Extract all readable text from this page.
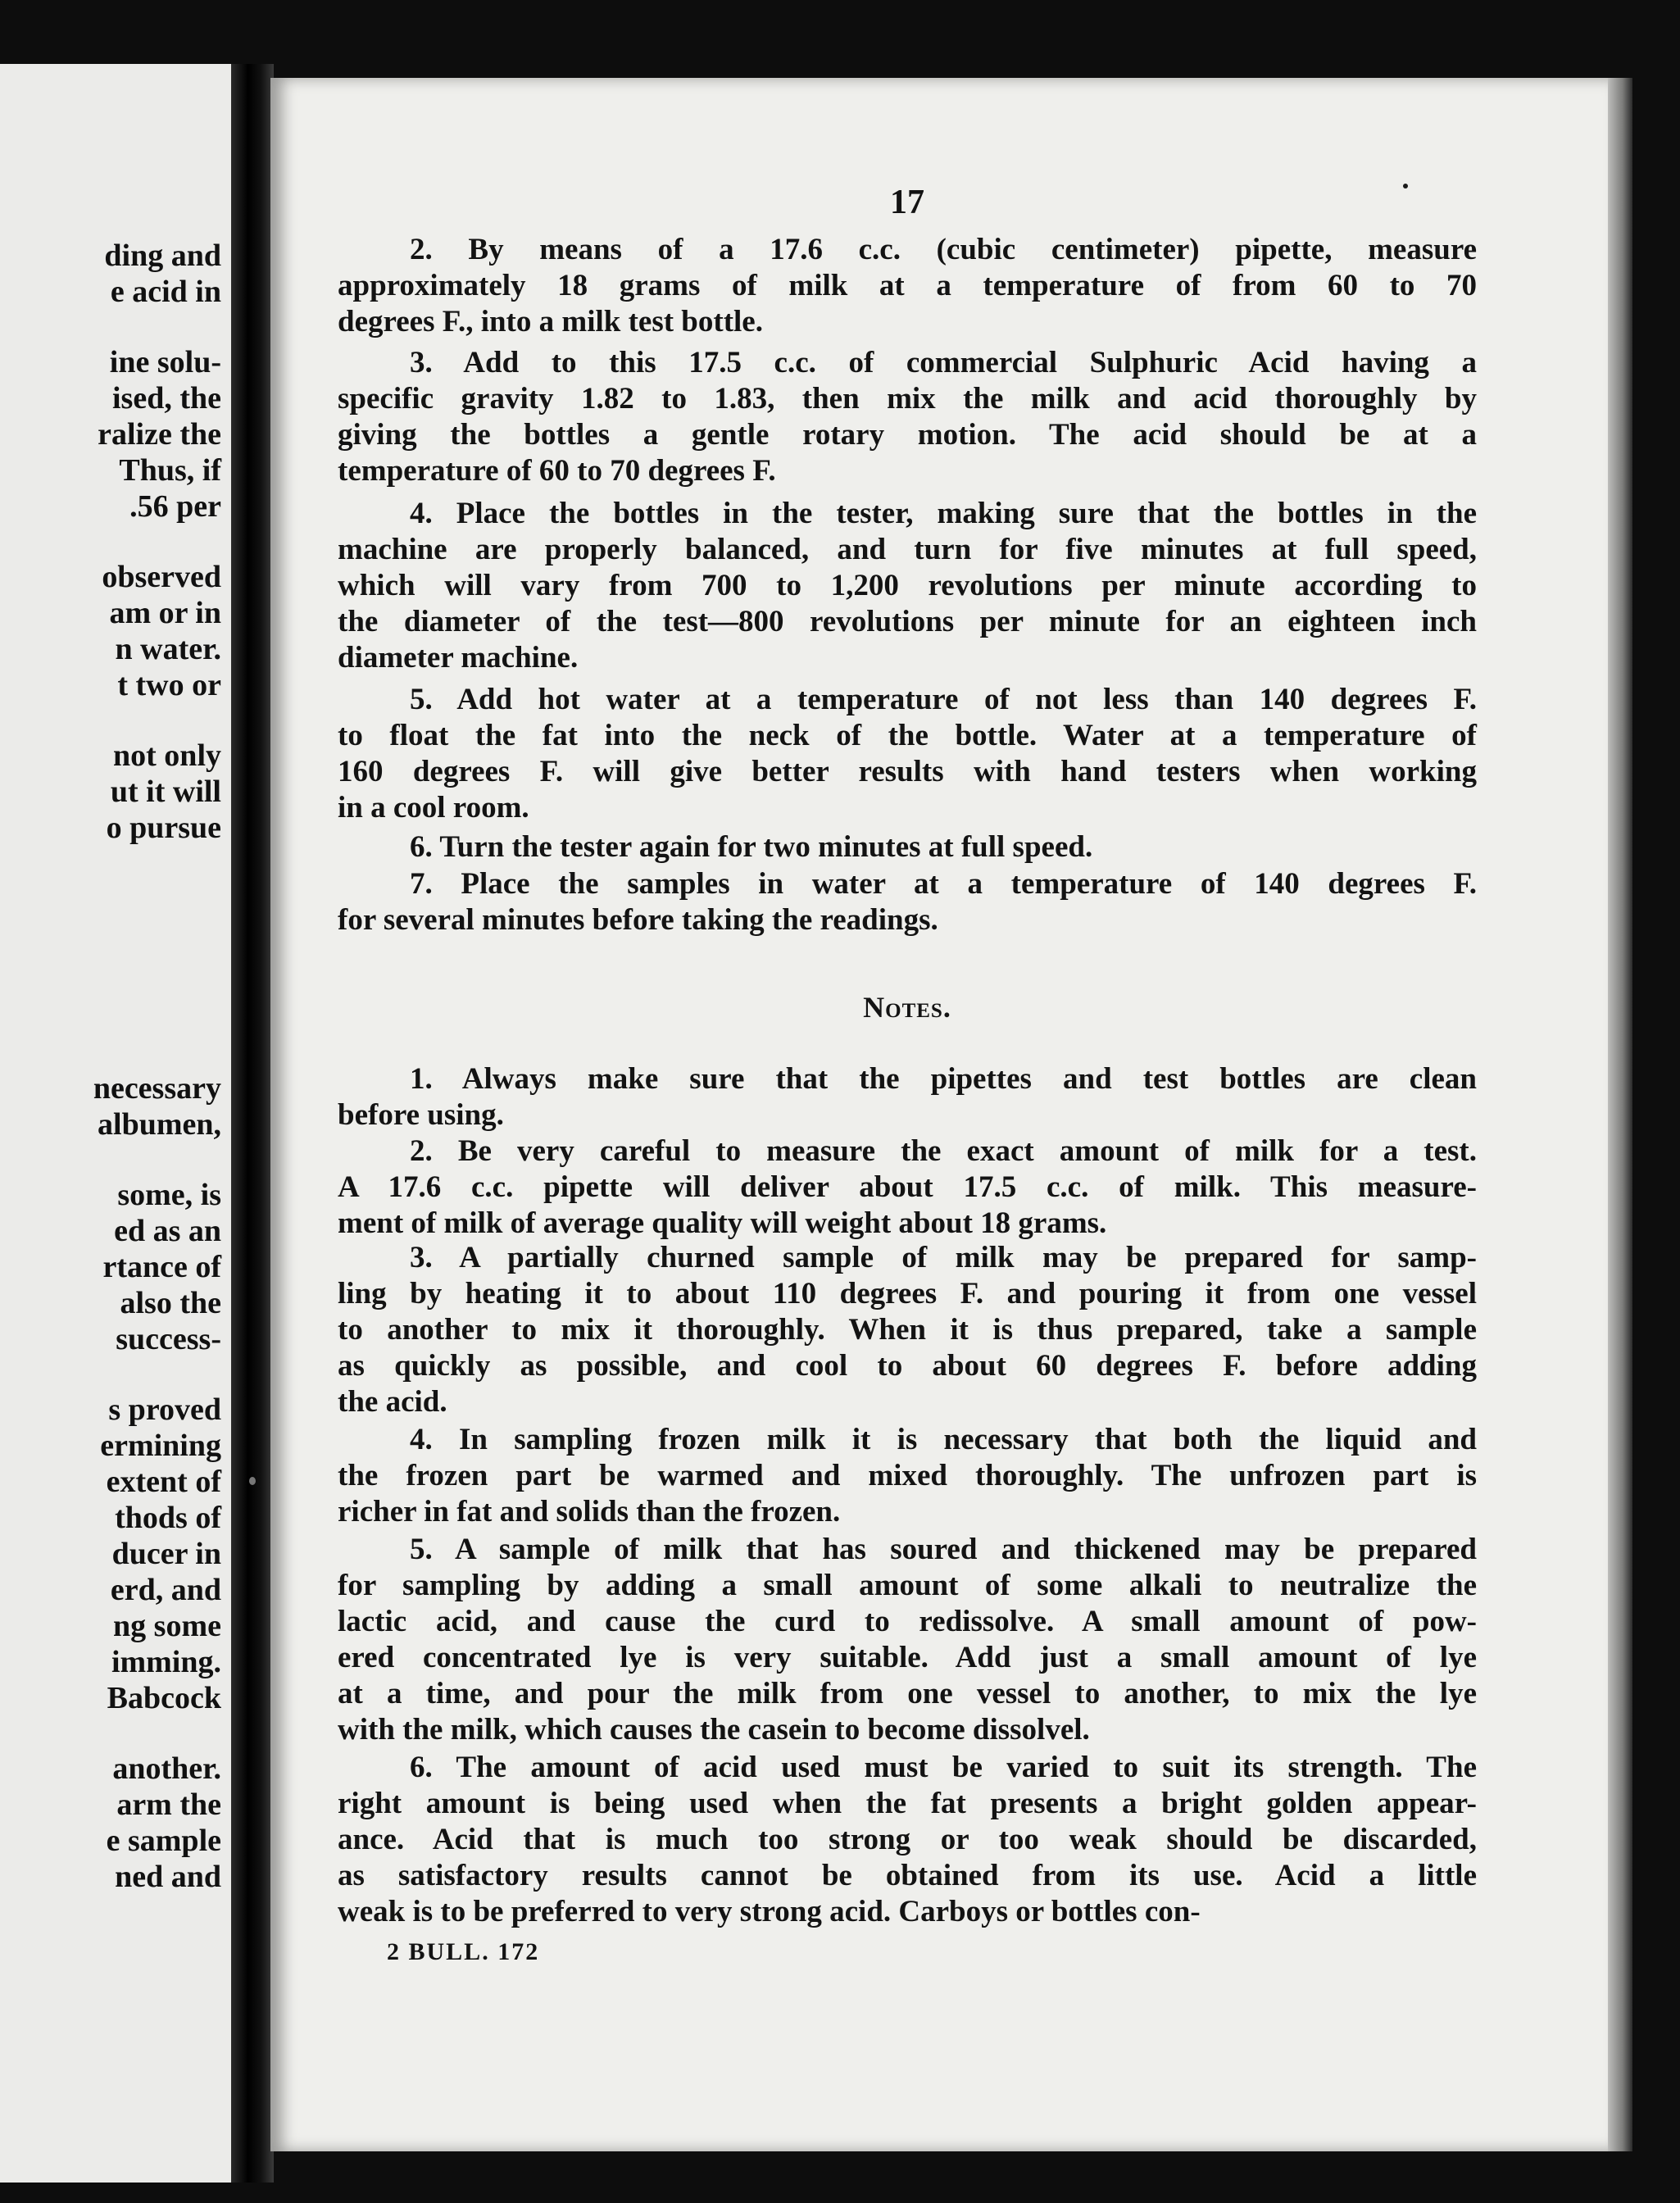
ding and
e acid in
ine solu-
ised, the
ralize the
Thus, if
.56 per
observed
am or in
n water.
t two or
not only
ut it will
o pursue
necessary
albumen,
some, is
ed as an
rtance of
also the
success-
s proved
ermining
extent of
thods of
ducer in
erd, and
ng some
imming.
Babcock
another.
arm the
e sample
ned and
17
2. By means of a 17.6 c.c. (cubic centimeter) pipette, measure
approximately 18 grams of milk at a temperature of from 60 to 70
degrees F., into a milk test bottle.
3. Add to this 17.5 c.c. of commercial Sulphuric Acid having a
specific gravity 1.82 to 1.83, then mix the milk and acid thoroughly by
giving the bottles a gentle rotary motion. The acid should be at a
temperature of 60 to 70 degrees F.
4. Place the bottles in the tester, making sure that the bottles in the
machine are properly balanced, and turn for five minutes at full speed,
which will vary from 700 to 1,200 revolutions per minute according to
the diameter of the test—800 revolutions per minute for an eighteen inch
diameter machine.
5. Add hot water at a temperature of not less than 140 degrees F.
to float the fat into the neck of the bottle. Water at a temperature of
160 degrees F. will give better results with hand testers when working
in a cool room.
6. Turn the tester again for two minutes at full speed.
7. Place the samples in water at a temperature of 140 degrees F.
for several minutes before taking the readings.
Notes.
1. Always make sure that the pipettes and test bottles are clean
before using.
2. Be very careful to measure the exact amount of milk for a test.
A 17.6 c.c. pipette will deliver about 17.5 c.c. of milk. This measure-
ment of milk of average quality will weight about 18 grams.
3. A partially churned sample of milk may be prepared for samp-
ling by heating it to about 110 degrees F. and pouring it from one vessel
to another to mix it thoroughly. When it is thus prepared, take a sample
as quickly as possible, and cool to about 60 degrees F. before adding
the acid.
4. In sampling frozen milk it is necessary that both the liquid and
the frozen part be warmed and mixed thoroughly. The unfrozen part is
richer in fat and solids than the frozen.
5. A sample of milk that has soured and thickened may be prepared
for sampling by adding a small amount of some alkali to neutralize the
lactic acid, and cause the curd to redissolve. A small amount of pow-
ered concentrated lye is very suitable. Add just a small amount of lye
at a time, and pour the milk from one vessel to another, to mix the lye
with the milk, which causes the casein to become dissolvel.
6. The amount of acid used must be varied to suit its strength. The
right amount is being used when the fat presents a bright golden appear-
ance. Acid that is much too strong or too weak should be discarded,
as satisfactory results cannot be obtained from its use. Acid a little
weak is to be preferred to very strong acid. Carboys or bottles con-
2 BULL. 172
